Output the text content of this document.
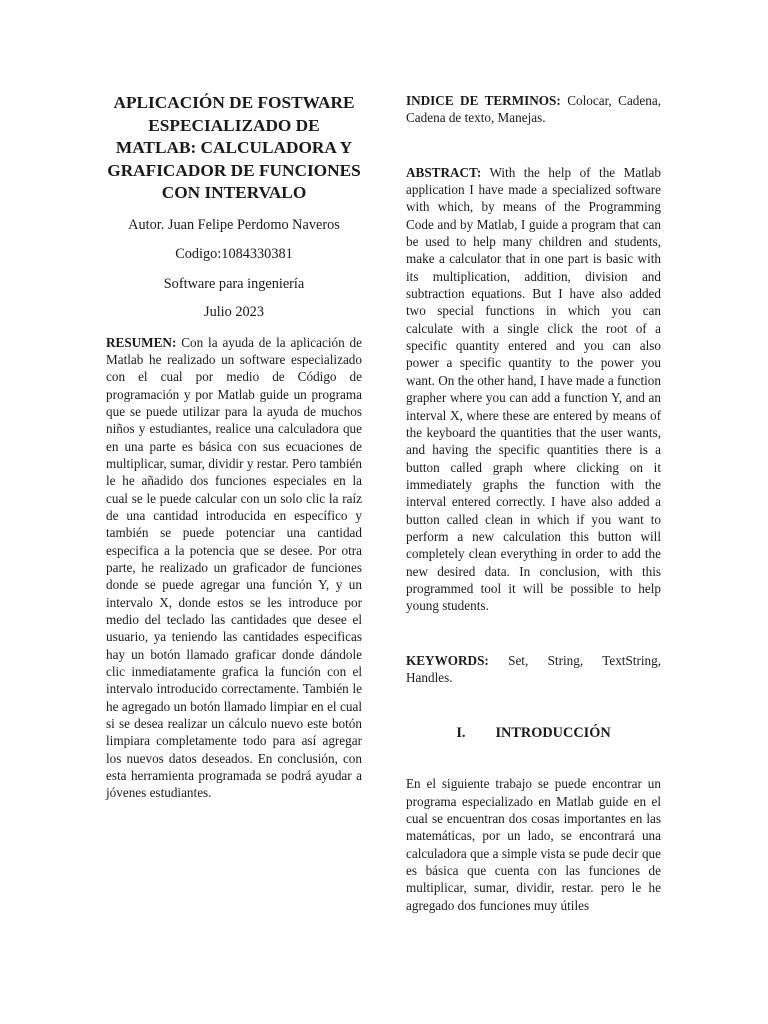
APLICACIÓN DE FOSTWARE ESPECIALIZADO DE MATLAB: CALCULADORA Y GRAFICADOR DE FUNCIONES CON INTERVALO

Autor. Juan Felipe Perdomo Naveros

Codigo:1084330381

Software para ingeniería

Julio 2023

RESUMEN: Con la ayuda de la aplicación de Matlab he realizado un software especializado con el cual por medio de Código de programación y por Matlab guide un programa que se puede utilizar para la ayuda de muchos niños y estudiantes, realice una calculadora que en una parte es básica con sus ecuaciones de multiplicar, sumar, dividir y restar. Pero también le he añadido dos funciones especiales en la cual se le puede calcular con un solo clic la raíz de una cantidad introducida en específico y también se puede potenciar una cantidad especifica a la potencia que se desee. Por otra parte, he realizado un graficador de funciones donde se puede agregar una función Y, y un intervalo X, donde estos se les introduce por medio del teclado las cantidades que desee el usuario, ya teniendo las cantidades especificas hay un botón llamado graficar donde dándole clic inmediatamente grafica la función con el intervalo introducido correctamente. También le he agregado un botón llamado limpiar en el cual si se desea realizar un cálculo nuevo este botón limpiara completamente todo para así agregar los nuevos datos deseados. En conclusión, con esta herramienta programada se podrá ayudar a jóvenes estudiantes.

INDICE DE TERMINOS: Colocar, Cadena, Cadena de texto, Manejas.

ABSTRACT: With the help of the Matlab application I have made a specialized software with which, by means of the Programming Code and by Matlab, I guide a program that can be used to help many children and students, make a calculator that in one part is basic with its multiplication, addition, division and subtraction equations. But I have also added two special functions in which you can calculate with a single click the root of a specific quantity entered and you can also power a specific quantity to the power you want. On the other hand, I have made a function grapher where you can add a function Y, and an interval X, where these are entered by means of the keyboard the quantities that the user wants, and having the specific quantities there is a button called graph where clicking on it immediately graphs the function with the interval entered correctly. I have also added a button called clean in which if you want to perform a new calculation this button will completely clean everything in order to add the new desired data. In conclusion, with this programmed tool it will be possible to help young students.

KEYWORDS: Set, String, TextString, Handles.

I. INTRODUCCIÓN

En el siguiente trabajo se puede encontrar un programa especializado en Matlab guide en el cual se encuentran dos cosas importantes en las matemáticas, por un lado, se encontrará una calculadora que a simple vista se pude decir que es básica que cuenta con las funciones de multiplicar, sumar, dividir, restar. pero le he agregado dos funciones muy útiles
